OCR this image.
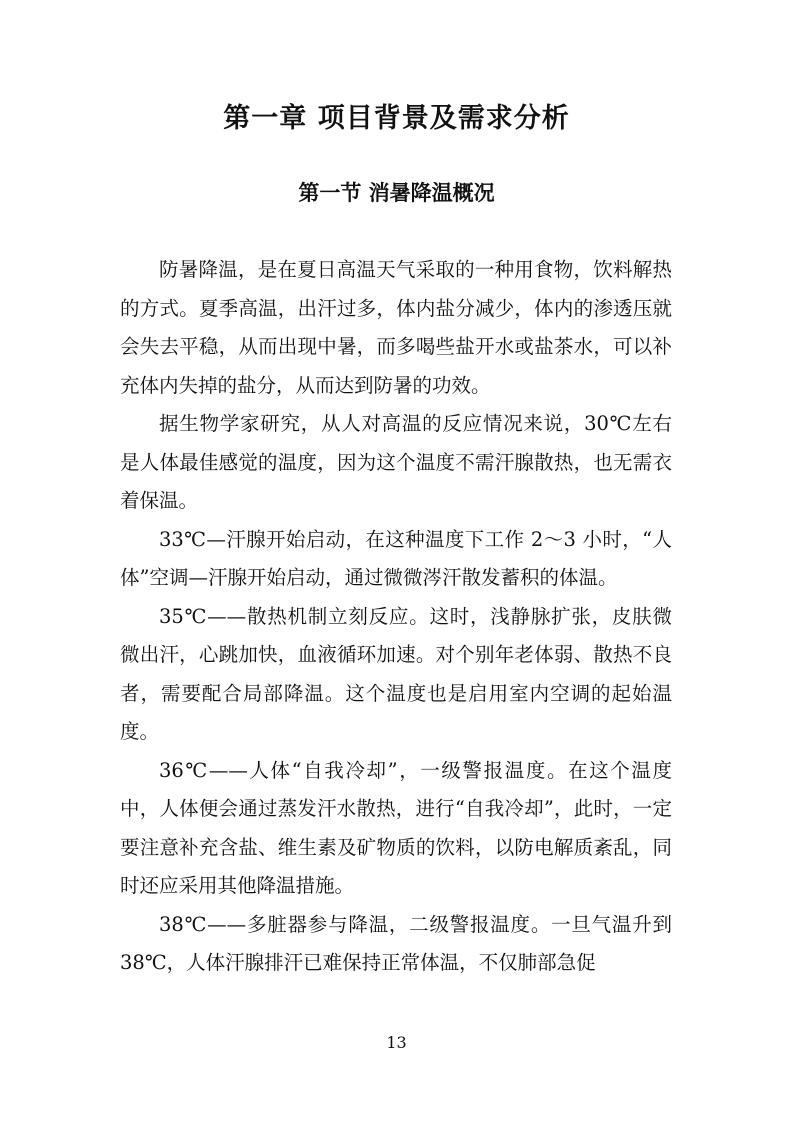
第一章 项目背景及需求分析
第一节 消暑降温概况

防暑降温，是在夏日高温天气采取的一种用食物，饮料解热的方式。夏季高温，出汗过多，体内盐分减少，体内的渗透压就会失去平稳，从而出现中暑，而多喝些盐开水或盐茶水，可以补充体内失掉的盐分，从而达到防暑的功效。

据生物学家研究，从人对高温的反应情况来说，30℃左右是人体最佳感觉的温度，因为这个温度不需汗腺散热，也无需衣着保温。

33℃—汗腺开始启动，在这种温度下工作 2～3 小时，“人体”空调—汗腺开始启动，通过微微涔汗散发蓄积的体温。

35℃——散热机制立刻反应。这时，浅静脉扩张，皮肤微微出汗，心跳加快，血液循环加速。对个别年老体弱、散热不良者，需要配合局部降温。这个温度也是启用室内空调的起始温度。

36℃——人体“自我冷却”，一级警报温度。在这个温度中，人体便会通过蒸发汗水散热，进行“自我冷却”，此时，一定要注意补充含盐、维生素及矿物质的饮料，以防电解质紊乱，同时还应采用其他降温措施。

38℃——多脏器参与降温，二级警报温度。一旦气温升到 38℃，人体汗腺排汗已难保持正常体温，不仅肺部急促

13
